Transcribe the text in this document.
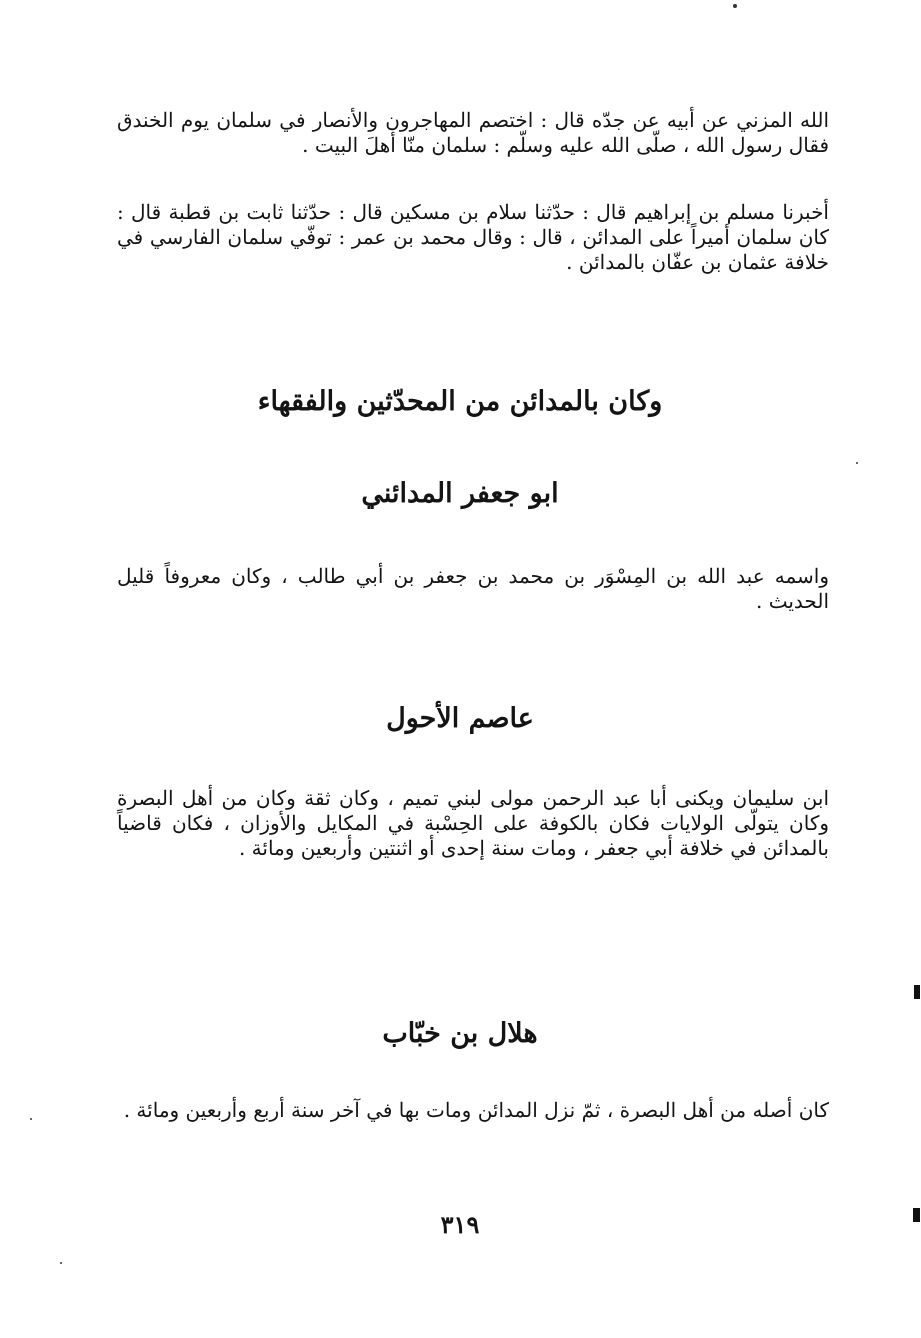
الله المزني عن أبيه عن جدّه قال : اختصم المهاجرون والأنصار في سلمان يوم الخندق فقال رسول الله ، صلّى الله عليه وسلّم : سلمان منّا أهلَ البيت .

أخبرنا مسلم بن إبراهيم قال : حدّثنا سلام بن مسكين قال : حدّثنا ثابت بن قطبة قال : كان سلمان أميراً على المدائن ، قال : وقال محمد بن عمر : توفّي سلمان الفارسي في خلافة عثمان بن عفّان بالمدائن .

وكان بالمدائن من المحدّثين والفقهاء
ابو جعفر المدائني

واسمه عبد الله بن المِسْوَر بن محمد بن جعفر بن أبي طالب ، وكان معروفاً قليل الحديث .

عاصم الأحول

ابن سليمان ويكنى أبا عبد الرحمن مولى لبني تميم ، وكان ثقة وكان من أهل البصرة وكان يتولّى الولايات فكان بالكوفة على الحِسْبة في المكايل والأوزان ، فكان قاضياً بالمدائن في خلافة أبي جعفر ، ومات سنة إحدى أو اثنتين وأربعين ومائة .

هلال بن خبّاب

كان أصله من أهل البصرة ، ثمّ نزل المدائن ومات بها في آخر سنة أربع وأربعين ومائة .

٣١٩
